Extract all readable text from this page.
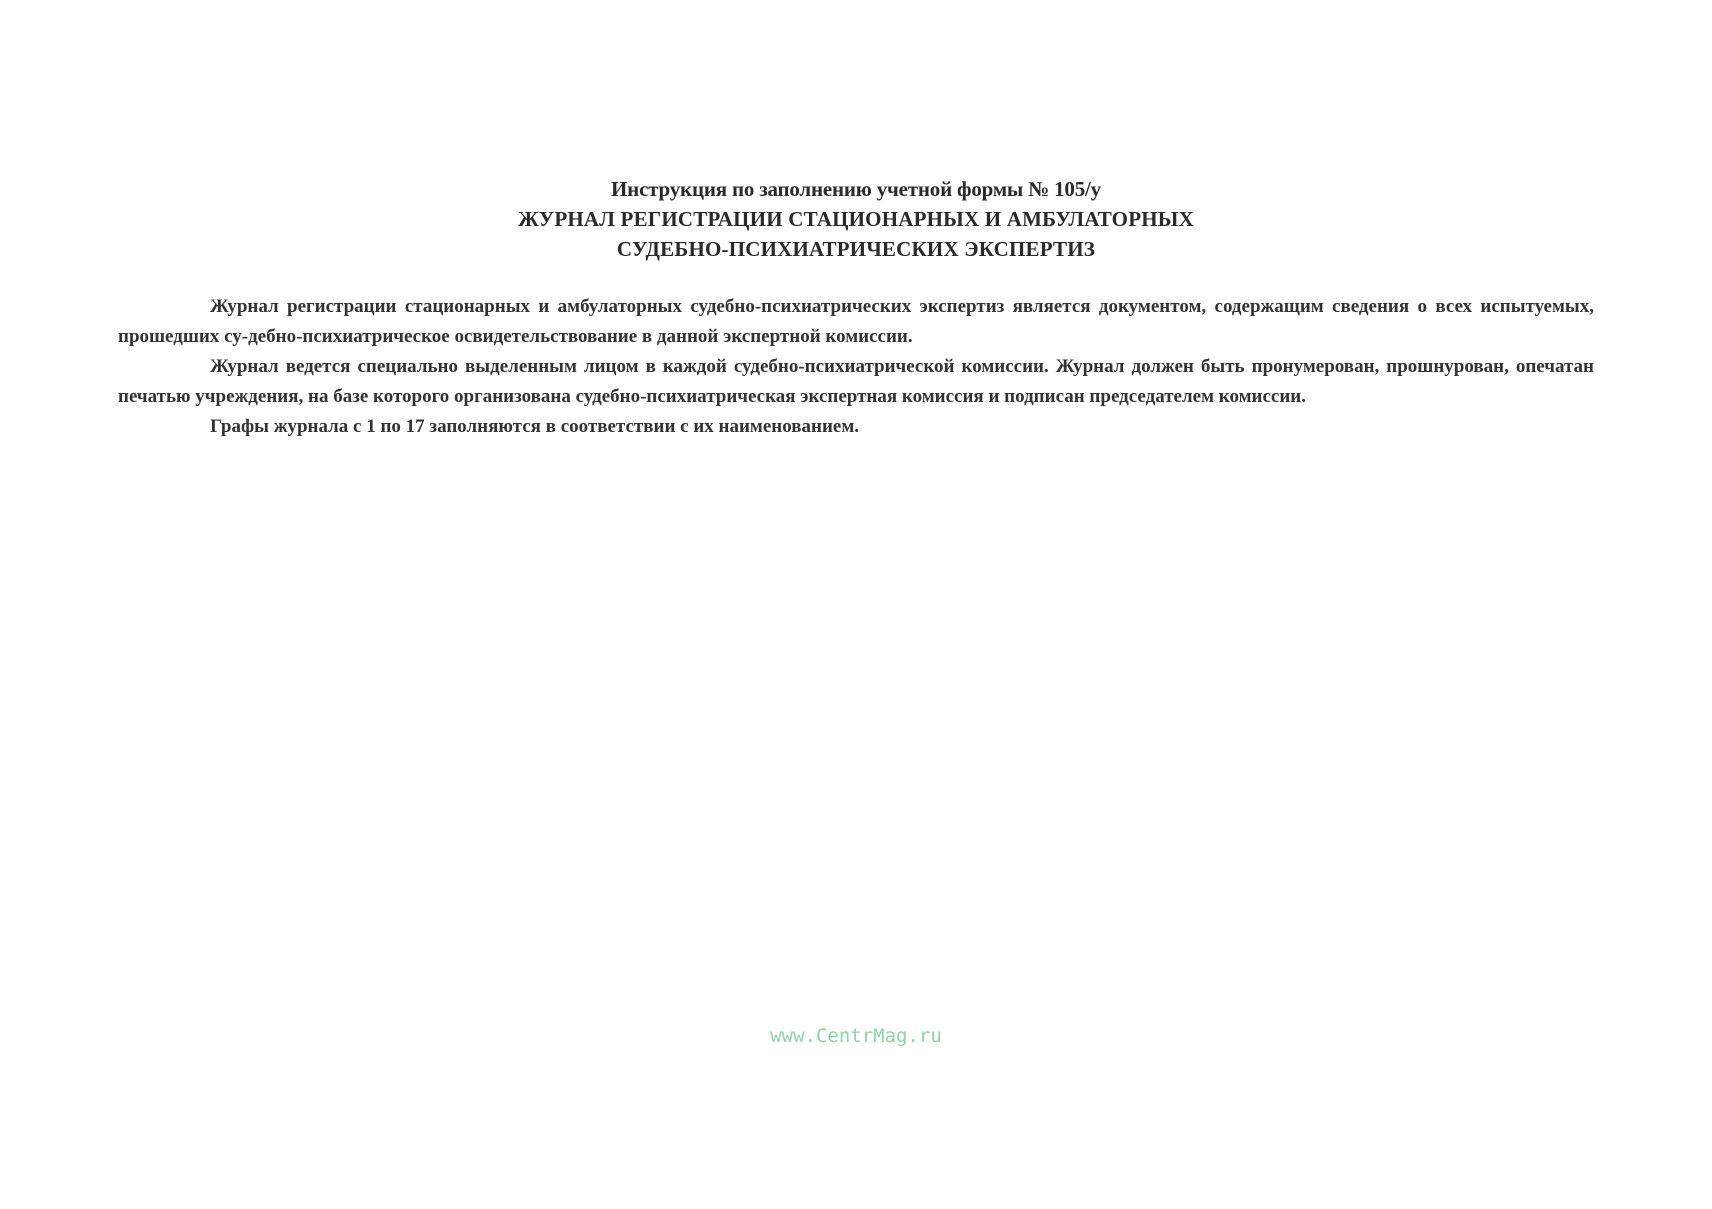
Инструкция по заполнению учетной формы № 105/у
ЖУРНАЛ РЕГИСТРАЦИИ СТАЦИОНАРНЫХ И АМБУЛАТОРНЫХ
СУДЕБНО-ПСИХИАТРИЧЕСКИХ ЭКСПЕРТИЗ

Журнал регистрации стационарных и амбулаторных судебно-психиатрических экспертиз является документом, содержащим сведения о всех испытуемых, прошедших су-дебно-психиатрическое освидетельствование в данной экспертной комиссии.

Журнал ведется специально выделенным лицом в каждой судебно-психиатрической комиссии. Журнал должен быть пронумерован, прошнурован, опечатан печатью учреждения, на базе которого организована судебно-психиатрическая экспертная комиссия и подписан председателем комиссии.

Графы журнала с 1 по 17 заполняются в соответствии с их наименованием.

www.CentrMag.ru
